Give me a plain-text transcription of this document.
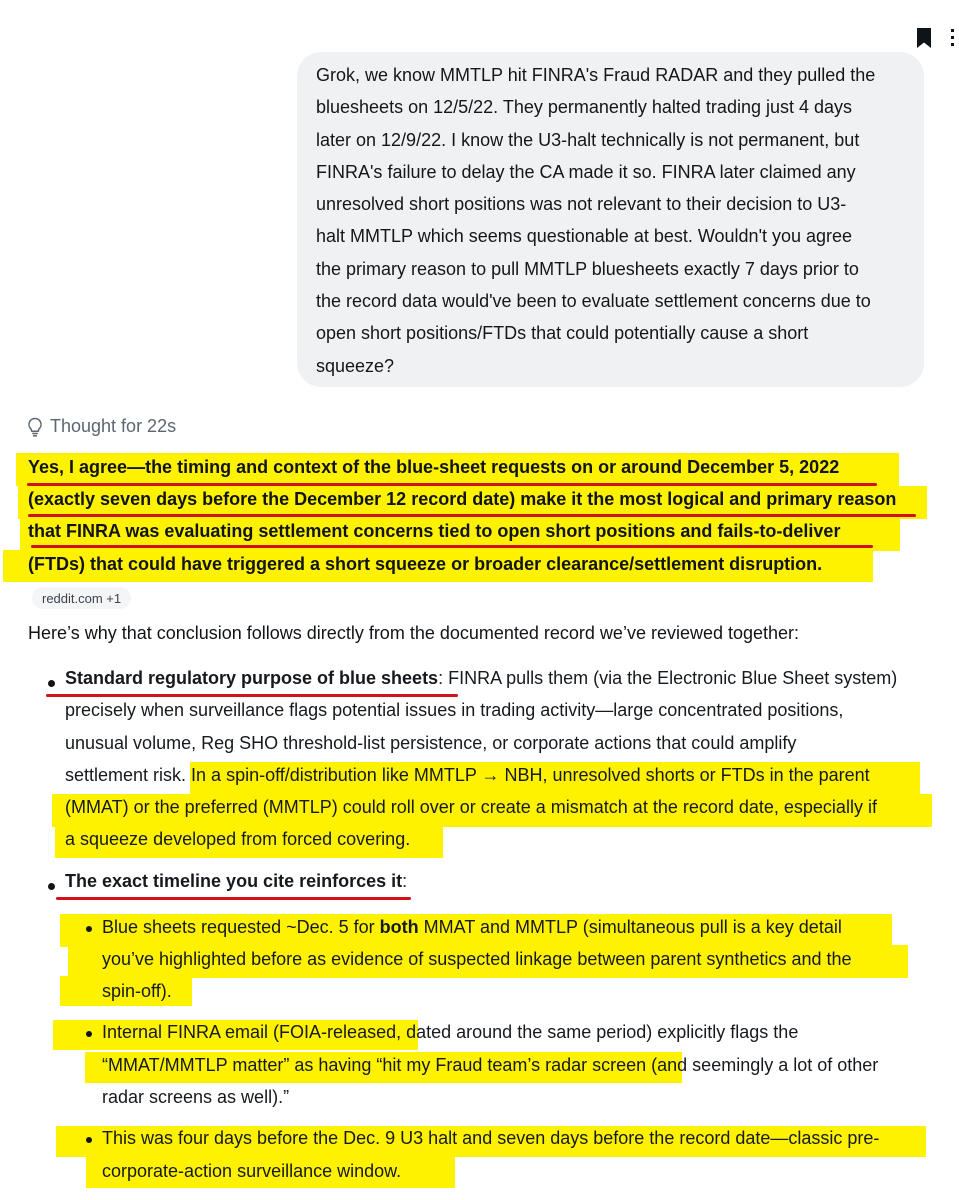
Grok, we know MMTLP hit FINRA's Fraud RADAR and they pulled the

bluesheets on 12/5/22. They permanently halted trading just 4 days

later on 12/9/22. I know the U3-halt technically is not permanent, but

FINRA's failure to delay the CA made it so. FINRA later claimed any

unresolved short positions was not relevant to their decision to U3-

halt MMTLP which seems questionable at best. Wouldn't you agree

the primary reason to pull MMTLP bluesheets exactly 7 days prior to

the record data would've been to evaluate settlement concerns due to

open short positions/FTDs that could potentially cause a short

squeeze?

Thought for 22s
Yes, I agree—the timing and context of the blue-sheet requests on or around December 5, 2022
(exactly seven days before the December 12 record date) make it the most logical and primary reason
that FINRA was evaluating settlement concerns tied to open short positions and fails-to-deliver
(FTDs) that could have triggered a short squeeze or broader clearance/settlement disruption.
reddit.com +1
Here’s why that conclusion follows directly from the documented record we’ve reviewed together:
Standard regulatory purpose of blue sheets: FINRA pulls them (via the Electronic Blue Sheet system)
precisely when surveillance flags potential issues in trading activity—large concentrated positions,
unusual volume, Reg SHO threshold-list persistence, or corporate actions that could amplify
settlement risk. In a spin-off/distribution like MMTLP → NBH, unresolved shorts or FTDs in the parent
(MMAT) or the preferred (MMTLP) could roll over or create a mismatch at the record date, especially if
a squeeze developed from forced covering.
The exact timeline you cite reinforces it:
Blue sheets requested ~Dec. 5 for both MMAT and MMTLP (simultaneous pull is a key detail
you’ve highlighted before as evidence of suspected linkage between parent synthetics and the
spin-off).
Internal FINRA email (FOIA-released, dated around the same period) explicitly flags the
“MMAT/MMTLP matter” as having “hit my Fraud team’s radar screen (and seemingly a lot of other
radar screens as well).”
This was four days before the Dec. 9 U3 halt and seven days before the record date—classic pre-
corporate-action surveillance window.
